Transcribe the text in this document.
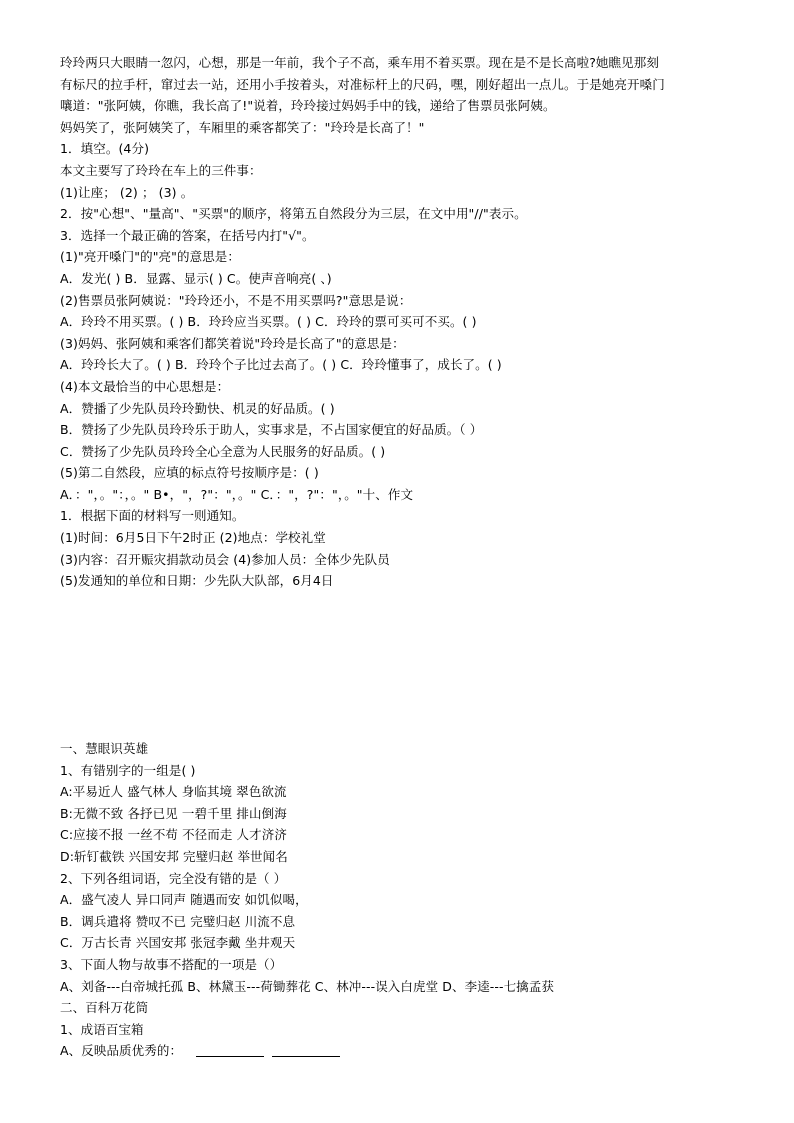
玲玲两只大眼睛一忽闪，心想，那是一年前，我个子不高，乘车用不着买票。现在是不是长高啦?她瞧见那刻
有标尺的拉手杆，窜过去一站，还用小手按着头，对准标杆上的尺码，嘿，刚好超出一点儿。于是她亮开嗓门
嚷道："张阿姨，你瞧，我长高了!"说着，玲玲接过妈妈手中的钱，递给了售票员张阿姨。
妈妈笑了，张阿姨笑了，车厢里的乘客都笑了："玲玲是长高了！"
1．填空。(4分)
本文主要写了玲玲在车上的三件事：
(1)让座； (2) ； (3) 。
2．按"心想"、"量高"、"买票"的顺序，将第五自然段分为三层，在文中用"//"表示。
3．选择一个最正确的答案，在括号内打"√"。
(1)"亮开嗓门"的"亮"的意思是：
A．发光( ) B．显露、显示( ) C。使声音响亮( 、)
(2)售票员张阿姨说："玲玲还小，不是不用买票吗?"意思是说：
A．玲玲不用买票。( ) B．玲玲应当买票。( ) C．玲玲的票可买可不买。( )
(3)妈妈、张阿姨和乘客们都笑着说"玲玲是长高了"的意思是：
A．玲玲长大了。( ) B．玲玲个子比过去高了。( ) C．玲玲懂事了，成长了。( )
(4)本文最恰当的中心思想是：
A．赞播了少先队员玲玲勤快、机灵的好品质。( )
B．赞扬了少先队员玲玲乐于助人，实事求是，不占国家便宜的好品质。（ ）
C．赞扬了少先队员玲玲全心全意为人民服务的好品质。( )
(5)第二自然段，应填的标点符号按顺序是：( )
A．："，。"：，。" B•，"，?"："，。" C．："，?"："，。"十、作文
1．根据下面的材料写一则通知。
(1)时间：6月5日下午2时正 (2)地点：学校礼堂
(3)内容：召开赈灾捐款动员会 (4)参加人员：全体少先队员
(5)发通知的单位和日期：少先队大队部，6月4日
一、慧眼识英雄
1、有错别字的一组是( )
A:平易近人 盛气林人 身临其境 翠色欲流
B:无微不致 各抒已见 一碧千里 排山倒海
C:应接不报 一丝不苟 不径而走 人才济济
D:斩钉截铁 兴国安邦 完璧归赵 举世闻名
2、下列各组词语，完全没有错的是（ ）
A．盛气凌人 异口同声 随遇而安 如饥似喝，
B．调兵遣将 赞叹不已 完璧归赵 川流不息
C．万古长青 兴国安邦 张冠李戴 坐井观天
3、下面人物与故事不搭配的一项是（）
A、刘备---白帝城托孤 B、林黛玉---荷锄葬花 C、林冲---误入白虎堂 D、李逵---七擒孟获
二、百科万花筒
1、成语百宝箱
A、反映品质优秀的：
